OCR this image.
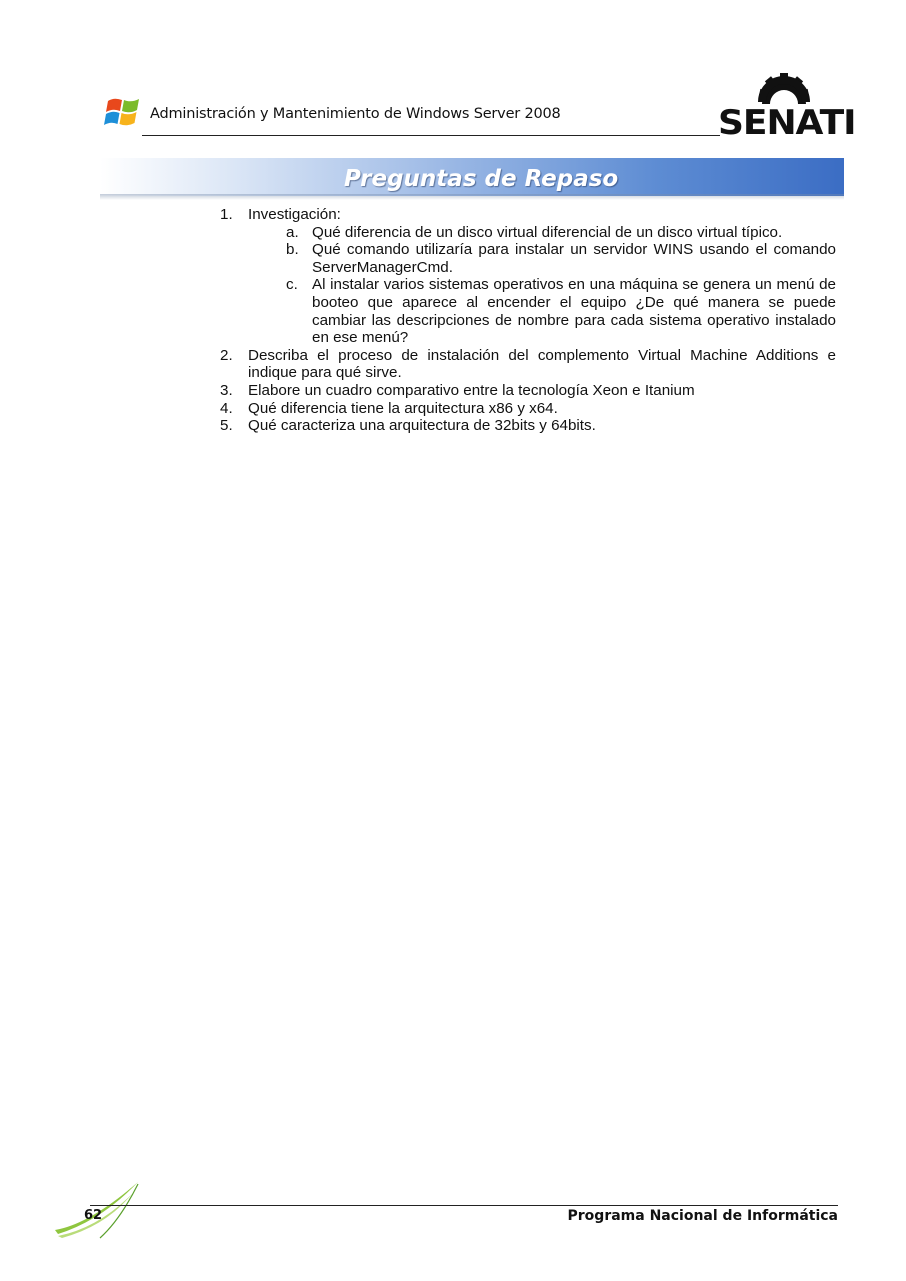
Administración y Mantenimiento de Windows Server 2008	SENATI
Preguntas de Repaso
1. Investigación:
a. Qué diferencia de un disco virtual diferencial de un disco virtual típico.
b. Qué comando utilizaría para instalar un servidor WINS usando el comando ServerManagerCmd.
c. Al instalar varios sistemas operativos en una máquina se genera un menú de booteo que aparece al encender el equipo ¿De qué manera se puede cambiar las descripciones de nombre para cada sistema operativo instalado en ese menú?
2. Describa el proceso de instalación del complemento Virtual Machine Additions e indique para qué sirve.
3. Elabore un cuadro comparativo entre la tecnología Xeon e Itanium
4. Qué diferencia tiene la arquitectura x86 y x64.
5. Qué caracteriza una arquitectura de 32bits y 64bits.
62	Programa Nacional de Informática
